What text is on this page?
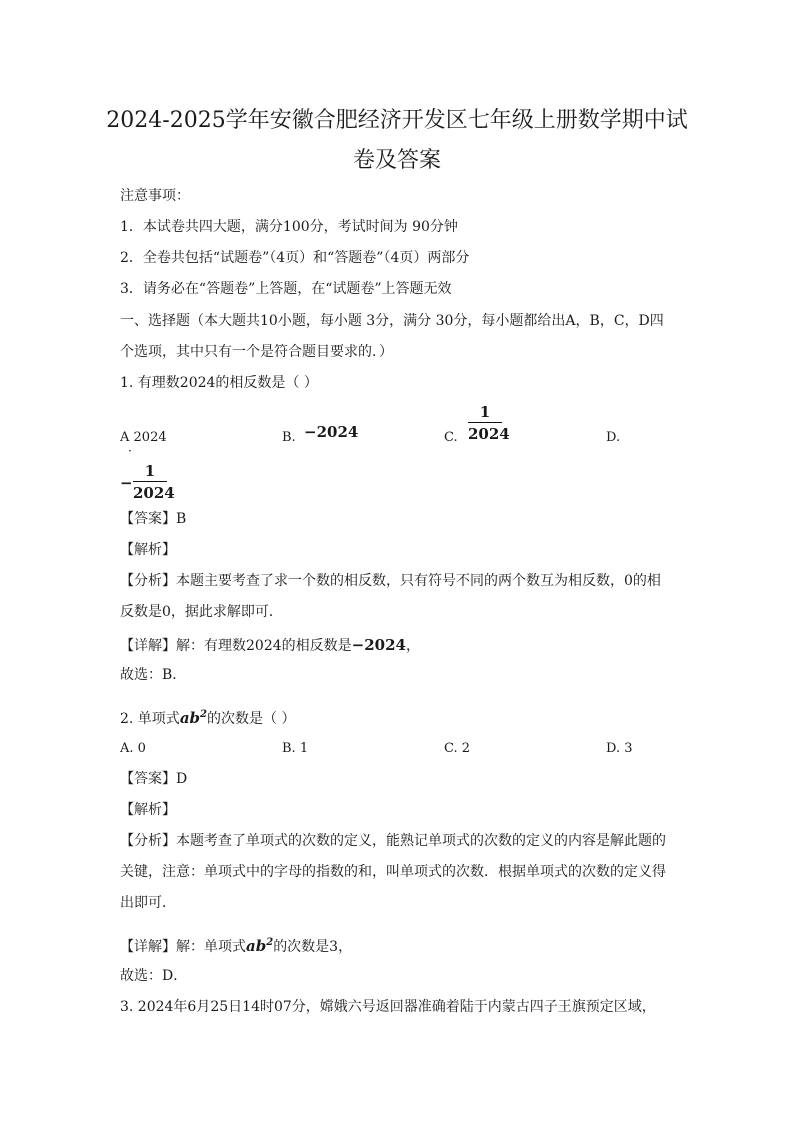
2024-2025学年安徽合肥经济开发区七年级上册数学期中试
卷及答案
注意事项：
1．本试卷共四大题，满分100分，考试时间为 90分钟
2．全卷共包括“试题卷”（4页）和“答题卷”（4页）两部分
3．请务必在“答题卷”上答题，在“试题卷”上答题无效
一、选择题（本大题共10小题，每小题 3分，满分 30分，每小题都给出A，B，C，D四
个选项，其中只有一个是符合题目要求的．）
1. 有理数2024的相反数是（ ）
A 2024
·
B. −2024	C.
1
2024	D.
−
1
2024
【答案】B
【解析】
【分析】本题主要考查了求一个数的相反数，只有符号不同的两个数互为相反数，0的相
反数是0，据此求解即可．
【详解】解：有理数2024的相反数是−2024，
故选：B．
2. 单项式$ab^2$的次数是（ ）
A. 0	B. 1	C. 2	D. 3
【答案】D
【解析】
【分析】本题考查了单项式的次数的定义，能熟记单项式的次数的定义的内容是解此题的
关键，注意：单项式中的字母的指数的和，叫单项式的次数．根据单项式的次数的定义得
出即可．
【详解】解：单项式$ab^2$的次数是3，
故选：D．
3. 2024年6月25日14时07分，嫦娥六号返回器准确着陆于内蒙古四子王旗预定区域，
